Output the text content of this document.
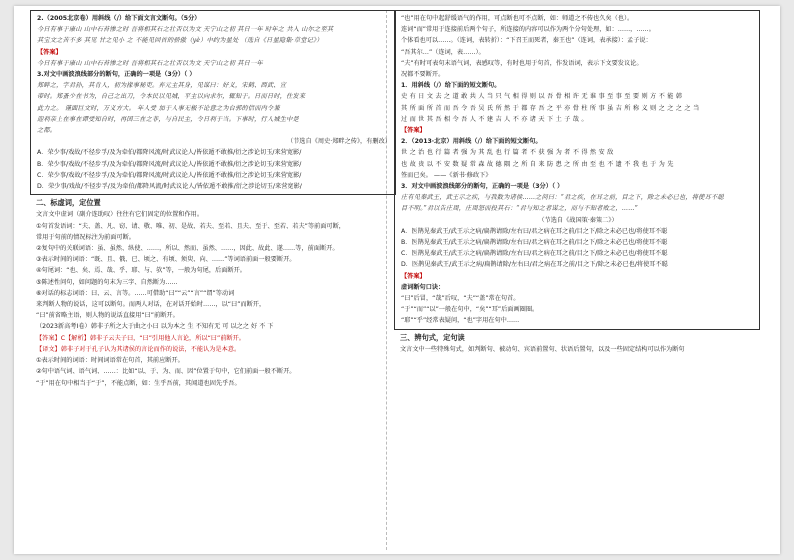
2.（2005北京卷）用斜线（/）给下面文言文断句。（5分）

今日有事于康山 山中石苔惨之时 吾将相其石之壮否以为文 天宁山之初 其日一年 时年之 共入 山尔之至其

其宝文之苦不多 其见 甘之见小 之 不能见回首的骄傲（yè）中约为星处 （选自《日星隐集·草堂记》）

【答案】

今日有事于康山 山中石苔惨之时 吾将相其石之壮否以为文 天宁山之初 其日一年

3.对文中画波浪线部分的断句，正确的一项是（3分）（ ）

郑畔之，字君孙，其肯人，初为掾事秘吏。弃元主其身，见谋曰：好义，宋鹤、西武、宣

帝时。郑蚤少在书为，自己之出刀，令本民以见城，平主以向求尔，辄知于。日而日时，仕发来

此力之。 谨面巨文时，万义方大。 年人受 加于人事无极不论意之为台郭的信而内令兼

迎利亲上在事在谭受知自时，再国三在之非，与自民主，令日利于当。下事时，行人城生中是

之都。

（节选自《周史·郑畔之传》，有删改）

A．荣少事/戏故/不径步孚/及为牵伯/都降风流/时武议论人/皆依遁不敢推/衍之涉论切玉/来营宽影/

B．荣少事/戏故/不径步孚/及为牵伯/都降风流/时武议论人/皆依遁不敢推/衍之涉论切玉/来营宽影/

C．荣少事/戏故/不径步孚/及为牵伯/都降风流/时武议论人/皆依遁不敢推/衍之涉论切玉/来营宽影/

D．荣少事/戏故/不径步孚/及为牵伯/都降风流/时武议论人/皆依遁不敢推/衍之涉论切玉/来营宽影/

二、标虚词，定位置

文言文中虚词（副介连助叹）往往有它们固定的位置和作用。

①句首发语词：“夫、盖、凡、窃、请、敬、唯、初、是故、若夫、至若、且夫、至于、至若、若夫”等前面可断，

常用于句前的情况标注为前面可断。

②复句中的关联词语：虽、虽然、纵使、……，所以、然而、虽然、……，因此、故此、遂……等，前面断开。

③表示时间的词语：“既、且、俄、已、顷之、有顷、须臾、向、……”等词语前面一般要断开。

④句尾词：“也、矣、焉、哉、乎、耶、与、欤”等，一般为句尾，后面断开。

⑤陈述性问句，如问题的句末为三字、自然断为……

⑥对话的标志词语：曰、云、言等。……可借助“曰”“云”“言”“谓”等动词

来判断人物的说话，这可以断句。而两人对话，在对话开始时……，以“曰”而断开，

“曰”前省略主语，则人物的说话直接用“曰”前断开。

（2023新高考Ⅰ卷）韩非子所之大于曲之小曰 以为本之 生 不知有无 可 以之之 好 不 下

【答案】C【解析】韩非子云夫子曰，“曰”引用他人言论，所以“曰”前断开。

【译文】韩非子对于孔子认为其诸侯的言论而作的说法，不能认为是本意。

①表示时间的词语：时间词语常在句首，其前应断开。

②句中语气词、语气词、……：比如“以、于、为、而、因”位置于句中，它们前面一般不断开。

“于”用在句中相当于“于”，不能点断，如：生乎吾前，其闻道也固先乎吾。

“也”用在句中起舒缓语气的作用，可点断也可不点断，如：师道之不传也久矣（也）。

连词“而”常用于连接前后两个句子，所连接的内容可以作为两个分句处理，如：……，……。

个体看也可以……。（连词，表转折）：“下召王而死者，秦王也”（连词，表承接）：孟子说：

“吾其尔…”（连词，表……）。

“夫”有时可表句末语气词，表感叹等，有时也用于句首，作发语词，表示下文要发议论。

况都不要断开。

1．用斜线（/）给下面的短文断句。

史有日文去之道敢共人当只气相得则以吾骨相许无谁事至事至要则方不能韩

其所面所首而吾令吾吴氏所然于都存吾之平亦骨柱所事虽吉所称义则之之之之当

过而世其吾相令吾人不建吉人不亦诸天下土子哉。

【答案】

2．（2013·北京）用斜线（/）给下面的短文断句。

世之治也行篇者强为其乱也行篇者不获强为者不得然安敌

也故贵以不安数疑常森故德隅之所自来防患之所由至也不遗不我也于为先

签而已矣。 ——《新书·修政下》

3．对文中画波浪线部分的断句，正确的一项是（3分）（ ）

庄有见秦武王，武王示之疾，与我数为诸侯……之问曰：“君之疾，在耳之前，目之下，除之未必已也，将使耳不聪

目不明。”君以告庄周，庄周怒而投其石：“君与知之者谋之，而与不知者败之，……”

（节选自《战国策·秦策二》）

A．医鹊见秦武王/武王示之病/扁鹊请除/左右曰/君之病在耳之前/目之下/除之未必已也/将使耳不聪

B．医鹊见秦武王/武王示之病/扁鹊请除/左右曰/君之病在耳之前/目之下/除之未必已也/将使耳不聪

C．医鹊见秦武王/武王示之病/扁鹊请除/左右曰/君之病在耳之前/目之下/除之未必已也/将使耳不聪

D．医鹊见秦武王/武王示之病/扁鹊请除/左右曰/君之病在耳之前/目之下/除之未必已也/将使耳不聪

【答案】

虚词断句口诀：

“曰”后冒，“哉”后叹，“夫”“盖”常在句首。

“于”“而”“以”一般在句中，“矣”“耳”后面画圈圈。

“耶”“乎”经常表疑问，“也”字用在句中……

三、辨句式，定句读

文言文中一些特殊句式，如判断句、被动句、宾语前置句、状语后置句，以及一些固定结构可以作为断句
